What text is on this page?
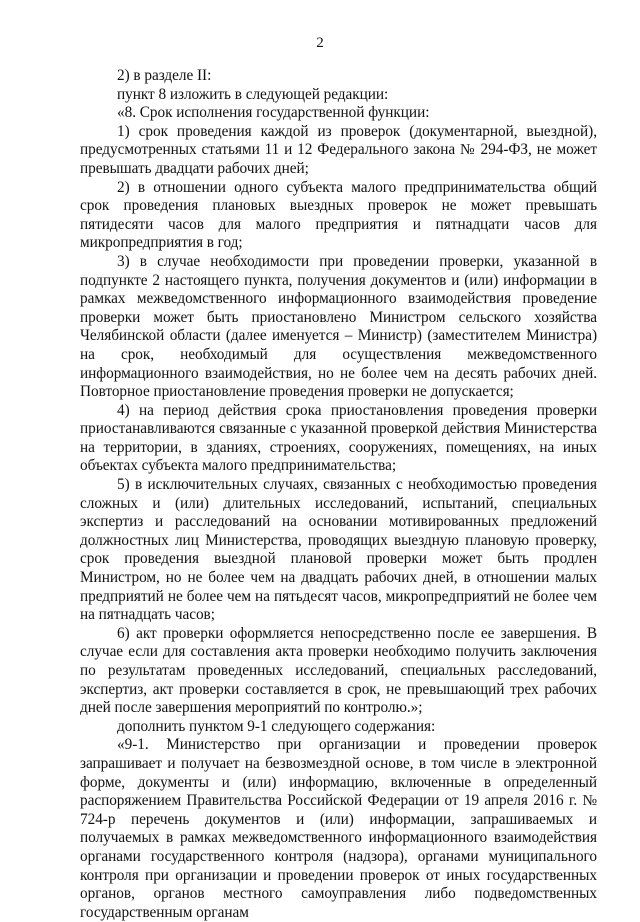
2

2) в разделе II:

пункт 8 изложить в следующей редакции:

«8. Срок исполнения государственной функции:

1) срок проведения каждой из проверок (документарной, выездной), предусмотренных статьями 11 и 12 Федерального закона № 294-ФЗ, не может превышать двадцати рабочих дней;

2) в отношении одного субъекта малого предпринимательства общий срок проведения плановых выездных проверок не может превышать пятидесяти часов для малого предприятия и пятнадцати часов для микропредприятия в год;

3) в случае необходимости при проведении проверки, указанной в подпункте 2 настоящего пункта, получения документов и (или) информации в рамках межведомственного информационного взаимодействия проведение проверки может быть приостановлено Министром сельского хозяйства Челябинской области (далее именуется – Министр) (заместителем Министра) на срок, необходимый для осуществления межведомственного информационного взаимодействия, но не более чем на десять рабочих дней. Повторное приостановление проведения проверки не допускается;

4) на период действия срока приостановления проведения проверки приостанавливаются связанные с указанной проверкой действия Министерства на территории, в зданиях, строениях, сооружениях, помещениях, на иных объектах субъекта малого предпринимательства;

5) в исключительных случаях, связанных с необходимостью проведения сложных и (или) длительных исследований, испытаний, специальных экспертиз и расследований на основании мотивированных предложений должностных лиц Министерства, проводящих выездную плановую проверку, срок проведения выездной плановой проверки может быть продлен Министром, но не более чем на двадцать рабочих дней, в отношении малых предприятий не более чем на пятьдесят часов, микропредприятий не более чем на пятнадцать часов;

6) акт проверки оформляется непосредственно после ее завершения. В случае если для составления акта проверки необходимо получить заключения по результатам проведенных исследований, специальных расследований, экспертиз, акт проверки составляется в срок, не превышающий трех рабочих дней после завершения мероприятий по контролю.»;

дополнить пунктом 9-1 следующего содержания:

«9-1. Министерство при организации и проведении проверок запрашивает и получает на безвозмездной основе, в том числе в электронной форме, документы и (или) информацию, включенные в определенный распоряжением Правительства Российской Федерации от 19 апреля 2016 г. № 724-р перечень документов и (или) информации, запрашиваемых и получаемых в рамках межведомственного информационного взаимодействия органами государственного контроля (надзора), органами муниципального контроля при организации и проведении проверок от иных государственных органов, органов местного самоуправления либо подведомственных государственным органам
